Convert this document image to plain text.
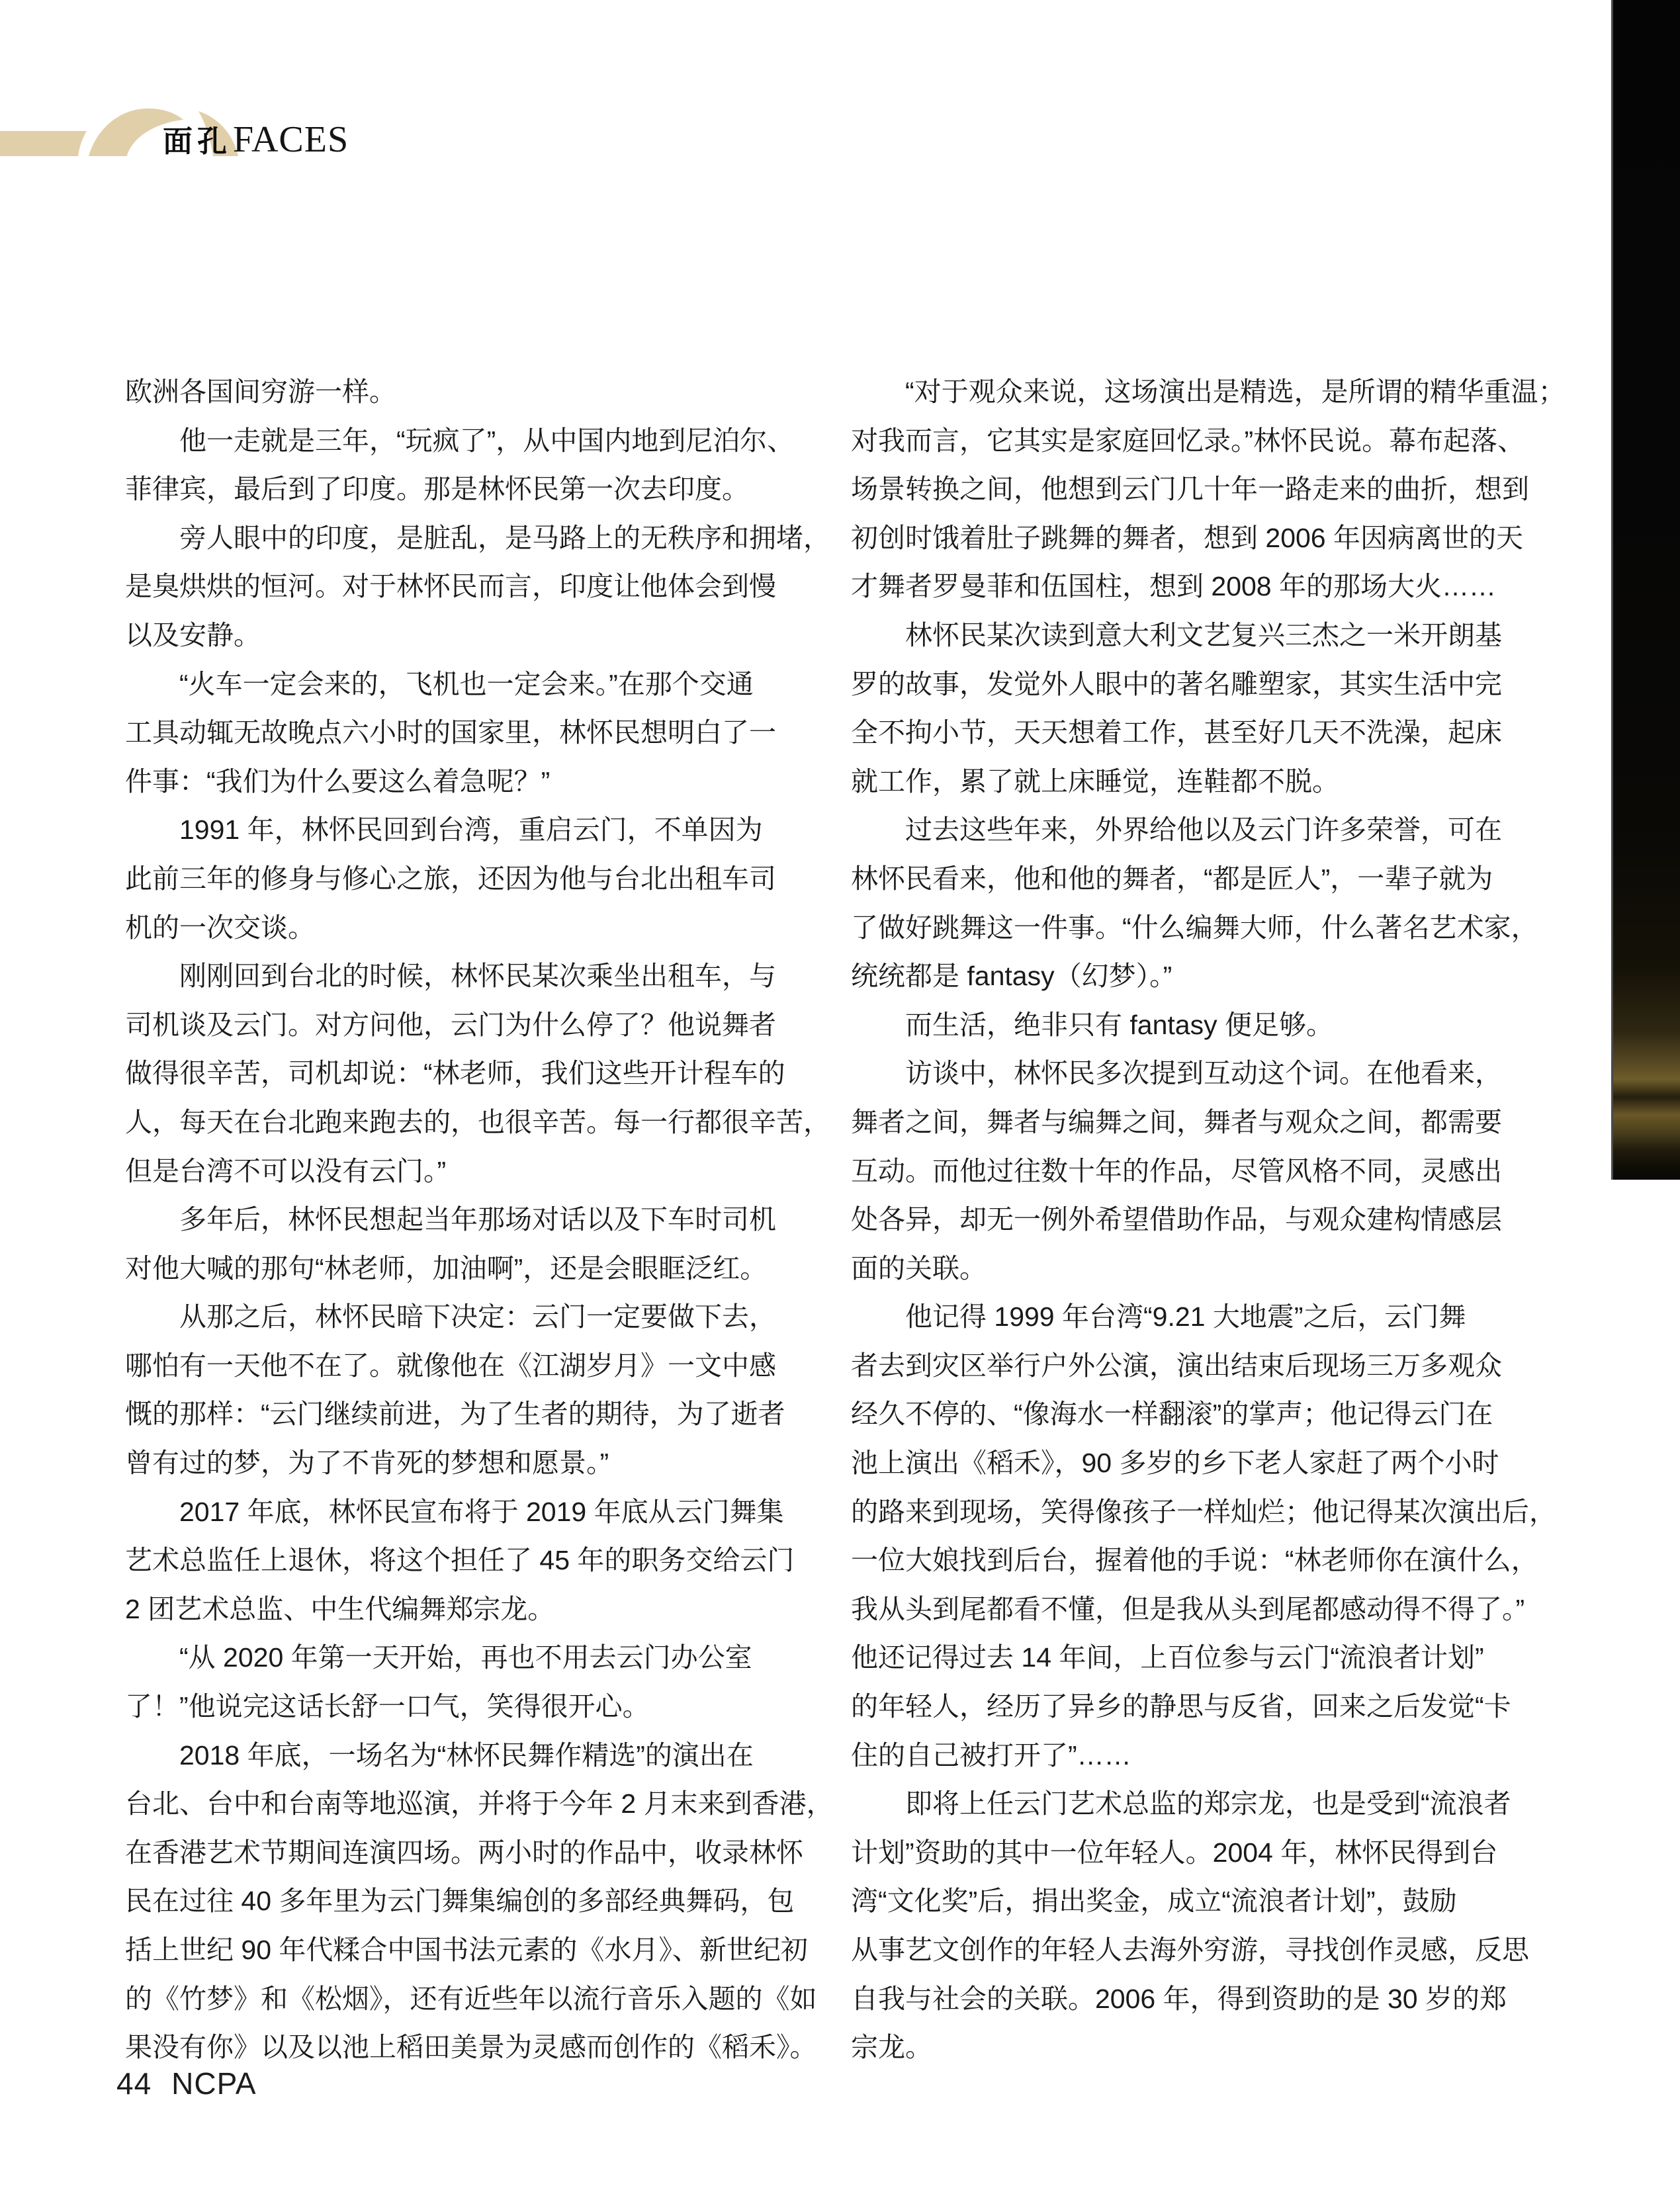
面孔 FACES
欧洲各国间穷游一样。
　　他一走就是三年，“玩疯了”，从中国内地到尼泊尔、
菲律宾，最后到了印度。那是林怀民第一次去印度。
　　旁人眼中的印度，是脏乱，是马路上的无秩序和拥堵，
是臭烘烘的恒河。对于林怀民而言，印度让他体会到慢
以及安静。
　　“火车一定会来的，飞机也一定会来。”在那个交通
工具动辄无故晚点六小时的国家里，林怀民想明白了一
件事：“我们为什么要这么着急呢？”
　　1991 年，林怀民回到台湾，重启云门，不单因为
此前三年的修身与修心之旅，还因为他与台北出租车司
机的一次交谈。
　　刚刚回到台北的时候，林怀民某次乘坐出租车，与
司机谈及云门。对方问他，云门为什么停了？他说舞者
做得很辛苦，司机却说：“林老师，我们这些开计程车的
人，每天在台北跑来跑去的，也很辛苦。每一行都很辛苦，
但是台湾不可以没有云门。”
　　多年后，林怀民想起当年那场对话以及下车时司机
对他大喊的那句“林老师，加油啊”，还是会眼眶泛红。
　　从那之后，林怀民暗下决定：云门一定要做下去，
哪怕有一天他不在了。就像他在《江湖岁月》一文中感
慨的那样：“云门继续前进，为了生者的期待，为了逝者
曾有过的梦，为了不肯死的梦想和愿景。”
　　2017 年底，林怀民宣布将于 2019 年底从云门舞集
艺术总监任上退休，将这个担任了 45 年的职务交给云门
2 团艺术总监、中生代编舞郑宗龙。
　　“从 2020 年第一天开始，再也不用去云门办公室
了！”他说完这话长舒一口气，笑得很开心。
　　2018 年底，一场名为“林怀民舞作精选”的演出在
台北、台中和台南等地巡演，并将于今年 2 月末来到香港，
在香港艺术节期间连演四场。两小时的作品中，收录林怀
民在过往 40 多年里为云门舞集编创的多部经典舞码，包
括上世纪 90 年代糅合中国书法元素的《水月》、新世纪初
的《竹梦》和《松烟》，还有近些年以流行音乐入题的《如
果没有你》以及以池上稻田美景为灵感而创作的《稻禾》。
　　“对于观众来说，这场演出是精选，是所谓的精华重温；
对我而言，它其实是家庭回忆录。”林怀民说。幕布起落、
场景转换之间，他想到云门几十年一路走来的曲折，想到
初创时饿着肚子跳舞的舞者，想到 2006 年因病离世的天
才舞者罗曼菲和伍国柱，想到 2008 年的那场大火……
　　林怀民某次读到意大利文艺复兴三杰之一米开朗基
罗的故事，发觉外人眼中的著名雕塑家，其实生活中完
全不拘小节，天天想着工作，甚至好几天不洗澡，起床
就工作，累了就上床睡觉，连鞋都不脱。
　　过去这些年来，外界给他以及云门许多荣誉，可在
林怀民看来，他和他的舞者，“都是匠人”，一辈子就为
了做好跳舞这一件事。“什么编舞大师，什么著名艺术家，
统统都是 fantasy（幻梦）。”
　　而生活，绝非只有 fantasy 便足够。
　　访谈中，林怀民多次提到互动这个词。在他看来，
舞者之间，舞者与编舞之间，舞者与观众之间，都需要
互动。而他过往数十年的作品，尽管风格不同，灵感出
处各异，却无一例外希望借助作品，与观众建构情感层
面的关联。
　　他记得 1999 年台湾“9.21 大地震”之后，云门舞
者去到灾区举行户外公演，演出结束后现场三万多观众
经久不停的、“像海水一样翻滚”的掌声；他记得云门在
池上演出《稻禾》，90 多岁的乡下老人家赶了两个小时
的路来到现场，笑得像孩子一样灿烂；他记得某次演出后，
一位大娘找到后台，握着他的手说：“林老师你在演什么，
我从头到尾都看不懂，但是我从头到尾都感动得不得了。”
他还记得过去 14 年间，上百位参与云门“流浪者计划”
的年轻人，经历了异乡的静思与反省，回来之后发觉“卡
住的自己被打开了”……
　　即将上任云门艺术总监的郑宗龙，也是受到“流浪者
计划”资助的其中一位年轻人。2004 年，林怀民得到台
湾“文化奖”后，捐出奖金，成立“流浪者计划”，鼓励
从事艺文创作的年轻人去海外穷游，寻找创作灵感，反思
自我与社会的关联。2006 年，得到资助的是 30 岁的郑
宗龙。
44 NCPA
